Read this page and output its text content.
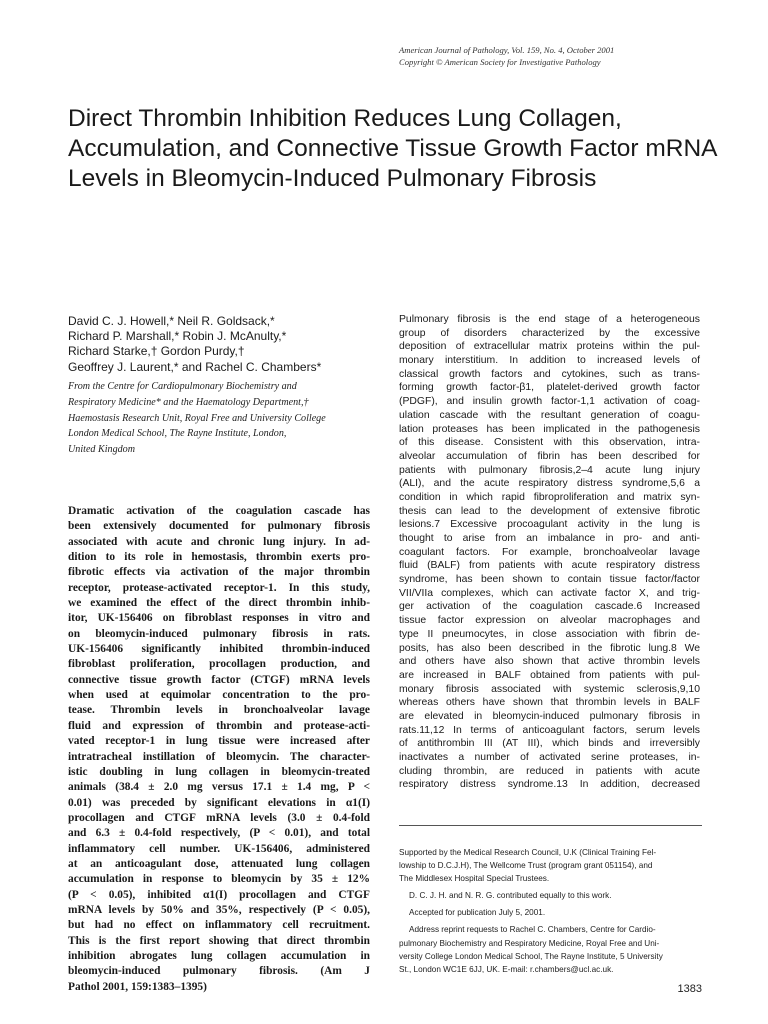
American Journal of Pathology, Vol. 159, No. 4, October 2001
Copyright © American Society for Investigative Pathology
Direct Thrombin Inhibition Reduces Lung Collagen, Accumulation, and Connective Tissue Growth Factor mRNA Levels in Bleomycin-Induced Pulmonary Fibrosis
David C. J. Howell,* Neil R. Goldsack,*
Richard P. Marshall,* Robin J. McAnulty,*
Richard Starke,† Gordon Purdy,†
Geoffrey J. Laurent,* and Rachel C. Chambers*
From the Centre for Cardiopulmonary Biochemistry and
Respiratory Medicine* and the Haematology Department,†
Haemostasis Research Unit, Royal Free and University College
London Medical School, The Rayne Institute, London,
United Kingdom
Dramatic activation of the coagulation cascade has
been extensively documented for pulmonary fibrosis
associated with acute and chronic lung injury. In ad-
dition to its role in hemostasis, thrombin exerts pro-
fibrotic effects via activation of the major thrombin
receptor, protease-activated receptor-1. In this study,
we examined the effect of the direct thrombin inhib-
itor, UK-156406 on fibroblast responses in vitro and
on bleomycin-induced pulmonary fibrosis in rats.
UK-156406 significantly inhibited thrombin-induced
fibroblast proliferation, procollagen production, and
connective tissue growth factor (CTGF) mRNA levels
when used at equimolar concentration to the pro-
tease. Thrombin levels in bronchoalveolar lavage
fluid and expression of thrombin and protease-acti-
vated receptor-1 in lung tissue were increased after
intratracheal instillation of bleomycin. The character-
istic doubling in lung collagen in bleomycin-treated
animals (38.4 ± 2.0 mg versus 17.1 ± 1.4 mg, P <
0.01) was preceded by significant elevations in α1(I)
procollagen and CTGF mRNA levels (3.0 ± 0.4-fold
and 6.3 ± 0.4-fold respectively, (P < 0.01), and total
inflammatory cell number. UK-156406, administered
at an anticoagulant dose, attenuated lung collagen
accumulation in response to bleomycin by 35 ± 12%
(P < 0.05), inhibited α1(I) procollagen and CTGF
mRNA levels by 50% and 35%, respectively (P < 0.05),
but had no effect on inflammatory cell recruitment.
This is the first report showing that direct thrombin
inhibition abrogates lung collagen accumulation in
bleomycin-induced pulmonary fibrosis. (Am J
Pathol 2001, 159:1383–1395)
Pulmonary fibrosis is the end stage of a heterogeneous
group of disorders characterized by the excessive
deposition of extracellular matrix proteins within the pul-
monary interstitium. In addition to increased levels of
classical growth factors and cytokines, such as trans-
forming growth factor-β1, platelet-derived growth factor
(PDGF), and insulin growth factor-1,1 activation of coag-
ulation cascade with the resultant generation of coagu-
lation proteases has been implicated in the pathogenesis
of this disease. Consistent with this observation, intra-
alveolar accumulation of fibrin has been described for
patients with pulmonary fibrosis,2–4 acute lung injury
(ALI), and the acute respiratory distress syndrome,5,6 a
condition in which rapid fibroproliferation and matrix syn-
thesis can lead to the development of extensive fibrotic
lesions.7 Excessive procoagulant activity in the lung is
thought to arise from an imbalance in pro- and anti-
coagulant factors. For example, bronchoalveolar lavage
fluid (BALF) from patients with acute respiratory distress
syndrome, has been shown to contain tissue factor/factor
VII/VIIa complexes, which can activate factor X, and trig-
ger activation of the coagulation cascade.6 Increased
tissue factor expression on alveolar macrophages and
type II pneumocytes, in close association with fibrin de-
posits, has also been described in the fibrotic lung.8 We
and others have also shown that active thrombin levels
are increased in BALF obtained from patients with pul-
monary fibrosis associated with systemic sclerosis,9,10
whereas others have shown that thrombin levels in BALF
are elevated in bleomycin-induced pulmonary fibrosis in
rats.11,12 In terms of anticoagulant factors, serum levels
of antithrombin III (AT III), which binds and irreversibly
inactivates a number of activated serine proteases, in-
cluding thrombin, are reduced in patients with acute
respiratory distress syndrome.13 In addition, decreased
Supported by the Medical Research Council, U.K (Clinical Training Fel-
lowship to D.C.J.H), The Wellcome Trust (program grant 051154), and
The Middlesex Hospital Special Trustees.
D. C. J. H. and N. R. G. contributed equally to this work.
Accepted for publication July 5, 2001.
Address reprint requests to Rachel C. Chambers, Centre for Cardio-
pulmonary Biochemistry and Respiratory Medicine, Royal Free and Uni-
versity College London Medical School, The Rayne Institute, 5 University
St., London WC1E 6JJ, UK. E-mail: r.chambers@ucl.ac.uk.
1383
